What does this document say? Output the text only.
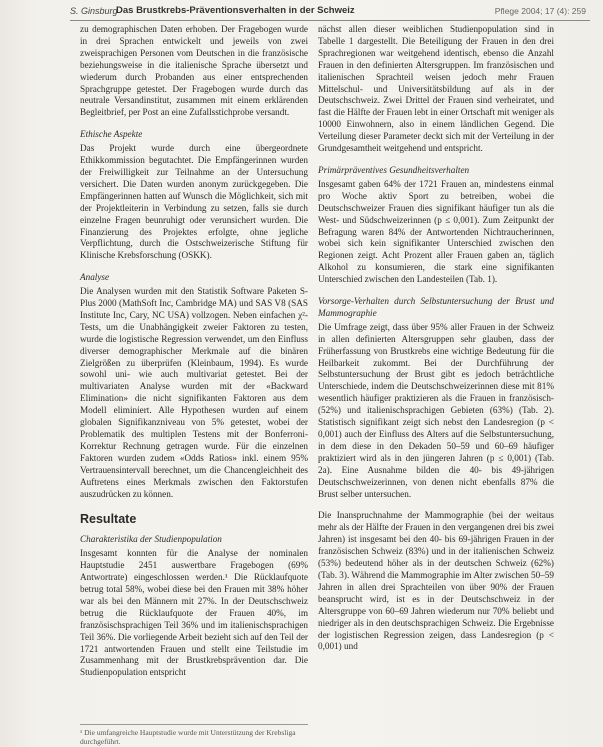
S. Ginsburg
Das Brustkrebs-Präventionsverhalten in der Schweiz	Pflege 2004; 17 (4): 259

zu demographischen Daten erhoben. Der Fragebogen wurde in drei Sprachen entwickelt und jeweils von zwei zweisprachigen Personen vom Deutschen in die französische beziehungsweise in die italienische Sprache übersetzt und wiederum durch Probanden aus einer entsprechenden Sprachgruppe getestet. Der Fragebogen wurde durch das neutrale Versandinstitut, zusammen mit einem erklärenden Begleitbrief, per Post an eine Zufallsstichprobe versandt.

Ethische Aspekte

Das Projekt wurde durch eine übergeordnete Ethikkommission begutachtet. Die Empfängerinnen wurden der Freiwilligkeit zur Teilnahme an der Untersuchung versichert. Die Daten wurden anonym zurückgegeben. Die Empfängerinnen hatten auf Wunsch die Möglichkeit, sich mit der Projektleiterin in Verbindung zu setzen, falls sie durch einzelne Fragen beunruhigt oder verunsichert wurden. Die Finanzierung des Projektes erfolgte, ohne jegliche Verpflichtung, durch die Ostschweizerische Stiftung für Klinische Krebsforschung (OSKK).

Analyse

Die Analysen wurden mit den Statistik Software Paketen S-Plus 2000 (MathSoft Inc, Cambridge MA) und SAS V8 (SAS Institute Inc, Cary, NC USA) vollzogen. Neben einfachen χ²-Tests, um die Unabhängigkeit zweier Faktoren zu testen, wurde die logistische Regression verwendet, um den Einfluss diverser demographischer Merkmale auf die binären Zielgrößen zu überprüfen (Kleinbaum, 1994). Es wurde sowohl uni- wie auch multivariat getestet. Bei der multivariaten Analyse wurden mit der «Backward Elimination» die nicht signifikanten Faktoren aus dem Modell eliminiert. Alle Hypothesen wurden auf einem globalen Signifikanzniveau von 5% getestet, wobei der Problematik des multiplen Testens mit der Bonferroni-Korrektur Rechnung getragen wurde. Für die einzelnen Faktoren wurden zudem «Odds Ratios» inkl. einem 95% Vertrauensintervall berechnet, um die Chancengleichheit des Auftretens eines Merkmals zwischen den Faktorstufen auszudrücken zu können.

Resultate
Charakteristika der Studienpopulation

Insgesamt konnten für die Analyse der nominalen Hauptstudie 2451 auswertbare Fragebogen (69% Antwortrate) eingeschlossen werden.¹ Die Rücklaufquote betrug total 58%, wobei diese bei den Frauen mit 38% höher war als bei den Männern mit 27%. In der Deutschschweiz betrug die Rücklaufquote der Frauen 40%, im französischsprachigen Teil 36% und im italienischsprachigen Teil 36%. Die vorliegende Arbeit bezieht sich auf den Teil der 1721 antwortenden Frauen und stellt eine Teilstudie im Zusammenhang mit der Brustkrebsprävention dar. Die Studienpopulation entspricht

nächst allen dieser weiblichen Studienpopulation sind in Tabelle 1 dargestellt. Die Beteiligung der Frauen in den drei Sprachregionen war weitgehend identisch, ebenso die Anzahl Frauen in den definierten Altersgruppen. Im französischen und italienischen Sprachteil weisen jedoch mehr Frauen Mittelschul- und Universitätsbildung auf als in der Deutschschweiz. Zwei Drittel der Frauen sind verheiratet, und fast die Hälfte der Frauen lebt in einer Ortschaft mit weniger als 10000 Einwohnern, also in einem ländlichen Gegend. Die Verteilung dieser Parameter deckt sich mit der Verteilung in der Grundgesamtheit weitgehend und entspricht.

Primärpräventives Gesundheitsverhalten

Insgesamt gaben 64% der 1721 Frauen an, mindestens einmal pro Woche aktiv Sport zu betreiben, wobei die Deutschschweizer Frauen dies signifikant häufiger tun als die West- und Südschweizerinnen (p ≤ 0,001). Zum Zeitpunkt der Befragung waren 84% der Antwortenden Nichtraucherinnen, wobei sich kein signifikanter Unterschied zwischen den Regionen zeigt. Acht Prozent aller Frauen gaben an, täglich Alkohol zu konsumieren, die stark eine signifikanten Unterschied zwischen den Landesteilen (Tab. 1).

Vorsorge-Verhalten durch Selbstuntersuchung der Brust und Mammographie

Die Umfrage zeigt, dass über 95% aller Frauen in der Schweiz in allen definierten Altersgruppen sehr glauben, dass der Früherfassung von Brustkrebs eine wichtige Bedeutung für die Heilbarkeit zukommt. Bei der Durchführung der Selbstuntersuchung der Brust gibt es jedoch beträchtliche Unterschiede, indem die Deutschschweizerinnen diese mit 81% wesentlich häufiger praktizieren als die Frauen in französisch- (52%) und italienischsprachigen Gebieten (63%) (Tab. 2). Statistisch signifikant zeigt sich nebst den Landesregion (p < 0,001) auch der Einfluss des Alters auf die Selbstuntersuchung, in dem diese in den Dekaden 50–59 und 60–69 häufiger praktiziert wird als in den jüngeren Jahren (p ≤ 0,001) (Tab. 2a). Eine Ausnahme bilden die 40- bis 49-jährigen Deutschschweizerinnen, von denen nicht ebenfalls 87% die Brust selber untersuchen.

Die Inanspruchnahme der Mammographie (bei der weitaus mehr als der Hälfte der Frauen in den vergangenen drei bis zwei Jahren) ist insgesamt bei den 40- bis 69-jährigen Frauen in der französischen Schweiz (83%) und in der italienischen Schweiz (53%) bedeutend höher als in der deutschen Schweiz (62%) (Tab. 3). Während die Mammographie im Alter zwischen 50–59 Jahren in allen drei Sprachteilen von über 90% der Frauen beansprucht wird, ist es in der Deutschschweiz in der Altersgruppe von 60–69 Jahren wiederum nur 70% beliebt und niedriger als in den deutschsprachigen Schweiz. Die Ergebnisse der logistischen Regression zeigen, dass Landesregion (p < 0,001) und

¹ Die umfangreiche Hauptstudie wurde mit Unterstützung der Krebsliga durchgeführt.
